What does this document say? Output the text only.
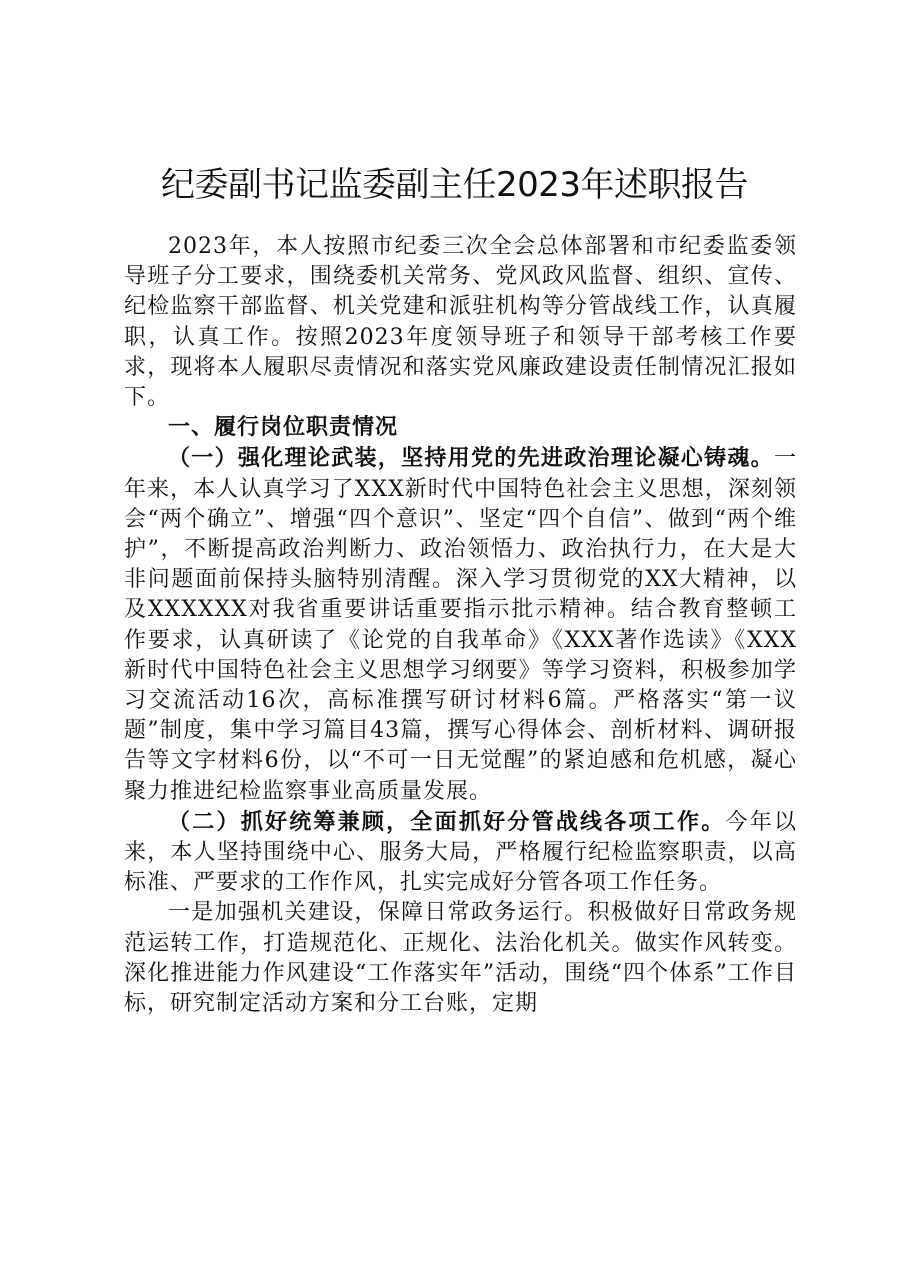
纪委副书记监委副主任2023年述职报告

2023年，本人按照市纪委三次全会总体部署和市纪委监委领导班子分工要求，围绕委机关常务、党风政风监督、组织、宣传、纪检监察干部监督、机关党建和派驻机构等分管战线工作，认真履职，认真工作。按照2023年度领导班子和领导干部考核工作要求，现将本人履职尽责情况和落实党风廉政建设责任制情况汇报如下。

一、履行岗位职责情况

（一）强化理论武装，坚持用党的先进政治理论凝心铸魂。一年来，本人认真学习了XXX新时代中国特色社会主义思想，深刻领会“两个确立”、增强“四个意识”、坚定“四个自信”、做到“两个维护”，不断提高政治判断力、政治领悟力、政治执行力，在大是大非问题面前保持头脑特别清醒。深入学习贯彻党的XX大精神，以及XXXXXX对我省重要讲话重要指示批示精神。结合教育整顿工作要求，认真研读了《论党的自我革命》《XXX著作选读》《XXX新时代中国特色社会主义思想学习纲要》等学习资料，积极参加学习交流活动16次，高标准撰写研讨材料6篇。严格落实“第一议题”制度，集中学习篇目43篇，撰写心得体会、剖析材料、调研报告等文字材料6份，以“不可一日无觉醒”的紧迫感和危机感，凝心聚力推进纪检监察事业高质量发展。

（二）抓好统筹兼顾，全面抓好分管战线各项工作。今年以来，本人坚持围绕中心、服务大局，严格履行纪检监察职责，以高标准、严要求的工作作风，扎实完成好分管各项工作任务。

一是加强机关建设，保障日常政务运行。积极做好日常政务规范运转工作，打造规范化、正规化、法治化机关。做实作风转变。深化推进能力作风建设“工作落实年”活动，围绕“四个体系”工作目标，研究制定活动方案和分工台账，定期
